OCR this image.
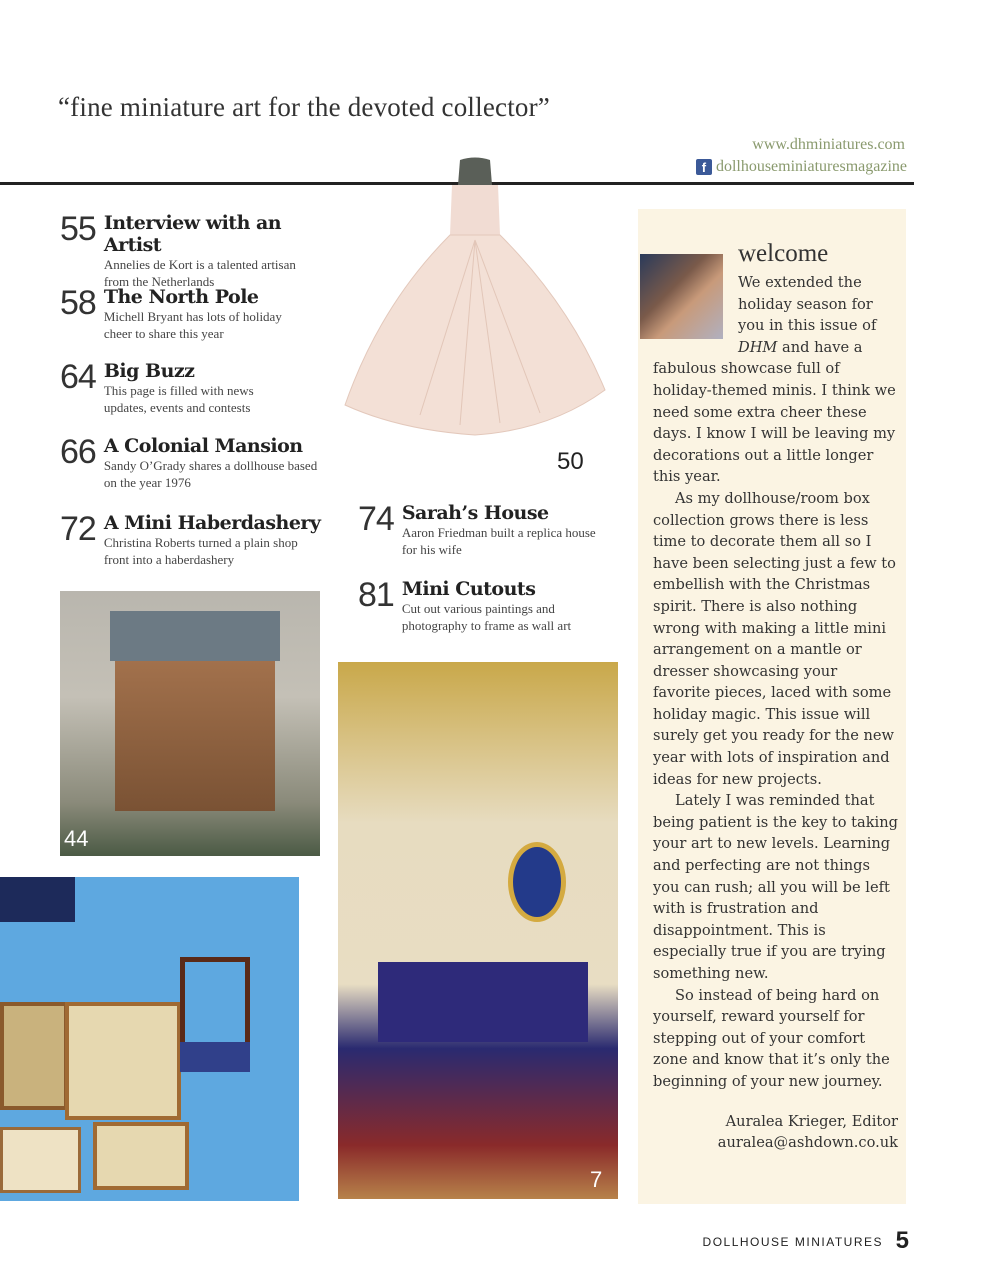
“fine miniature art for the devoted collector”
www.dhminiatures.com
f dollhouseminiaturesmagazine
50
55 Interview with an Artist
Annelies de Kort is a talented artisan from the Netherlands
58 The North Pole
Michell Bryant has lots of holiday cheer to share this year
64 Big Buzz
This page is filled with news updates, events and contests
66 A Colonial Mansion
Sandy O’Grady shares a dollhouse based on the year 1976
72 A Mini Haberdashery
Christina Roberts turned a plain shop front into a haberdashery
74 Sarah’s House
Aaron Friedman built a replica house for his wife
81 Mini Cutouts
Cut out various paintings and photography to frame as wall art
44
7
welcome

We extended the holiday season for you in this issue of DHM and have a fabulous showcase full of holiday-themed minis. I think we need some extra cheer these days. I know I will be leaving my decorations out a little longer this year.

As my dollhouse/room box collection grows there is less time to decorate them all so I have been selecting just a few to embellish with the Christmas spirit. There is also nothing wrong with making a little mini arrangement on a mantle or dresser showcasing your favorite pieces, laced with some holiday magic. This issue will surely get you ready for the new year with lots of inspiration and ideas for new projects.

Lately I was reminded that being patient is the key to taking your art to new levels. Learning and perfecting are not things you can rush; all you will be left with is frustration and disappointment. This is especially true if you are trying something new.

So instead of being hard on yourself, reward yourself for stepping out of your comfort zone and know that it’s only the beginning of your new journey.

Auralea Krieger, Editor
auralea@ashdown.co.uk
DOLLHOUSE MINIATURES 5
